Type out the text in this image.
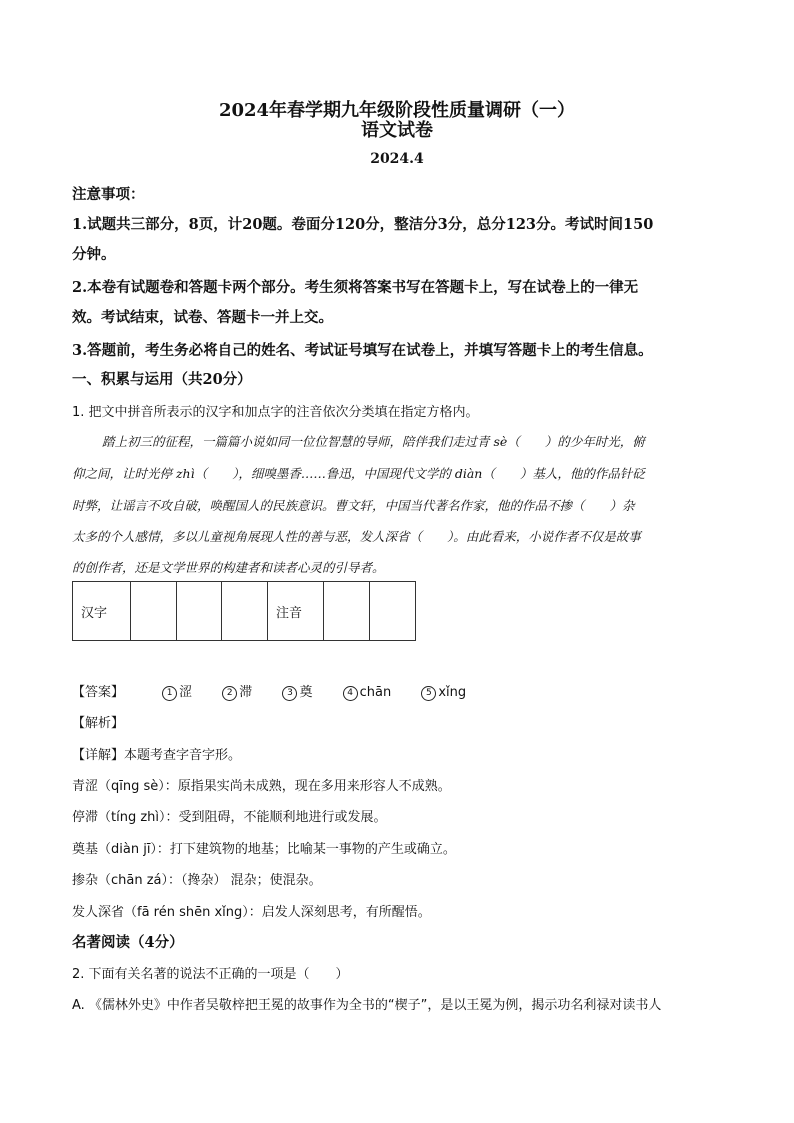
2024年春学期九年级阶段性质量调研（一）
语文试卷
2024.4
注意事项：
1.试题共三部分，8页，计20题。卷面分120分，整洁分3分，总分123分。考试时间150
分钟。
2.本卷有试题卷和答题卡两个部分。考生须将答案书写在答题卡上，写在试卷上的一律无
效。考试结束，试卷、答题卡一并上交。
3.答题前，考生务必将自己的姓名、考试证号填写在试卷上，并填写答题卡上的考生信息。
一、积累与运用（共20分）
1. 把文中拼音所表示的汉字和加点字的注音依次分类填在指定方格内。
踏上初三的征程，一篇篇小说如同一位位智慧的导师，陪伴我们走过青 sè（　　）的少年时光，俯
仰之间，让时光停 zhì（　　），细嗅墨香……鲁迅，中国现代文学的 diàn（　　）基人，他的作品针砭
时弊，让谣言不攻自破，唤醒国人的民族意识。曹文轩，中国当代著名作家，他的作品不掺（　　）杂
太多的个人感情，多以儿童视角展现人性的善与恶，发人深省（　　）。由此看来，小说作者不仅是故事
的创作者，还是文学世界的构建者和读者心灵的引导者。
汉字				注音		
【答案】	1 涩	2 滞	3 奠	4 chān	5 xǐng
【解析】
【详解】本题考查字音字形。
青涩（qīng sè）：原指果实尚未成熟，现在多用来形容人不成熟。
停滞（tíng zhì）：受到阻碍，不能顺利地进行或发展。
奠基（diàn jī）：打下建筑物的地基；比喻某一事物的产生或确立。
掺杂（chān zá）：（搀杂） 混杂；使混杂。
发人深省（fā rén shēn xǐng）：启发人深刻思考，有所醒悟。
名著阅读（4分）
2. 下面有关名著的说法不正确的一项是（　　）
A. 《儒林外史》中作者吴敬梓把王冕的故事作为全书的“楔子”，是以王冕为例，揭示功名利禄对读书人
